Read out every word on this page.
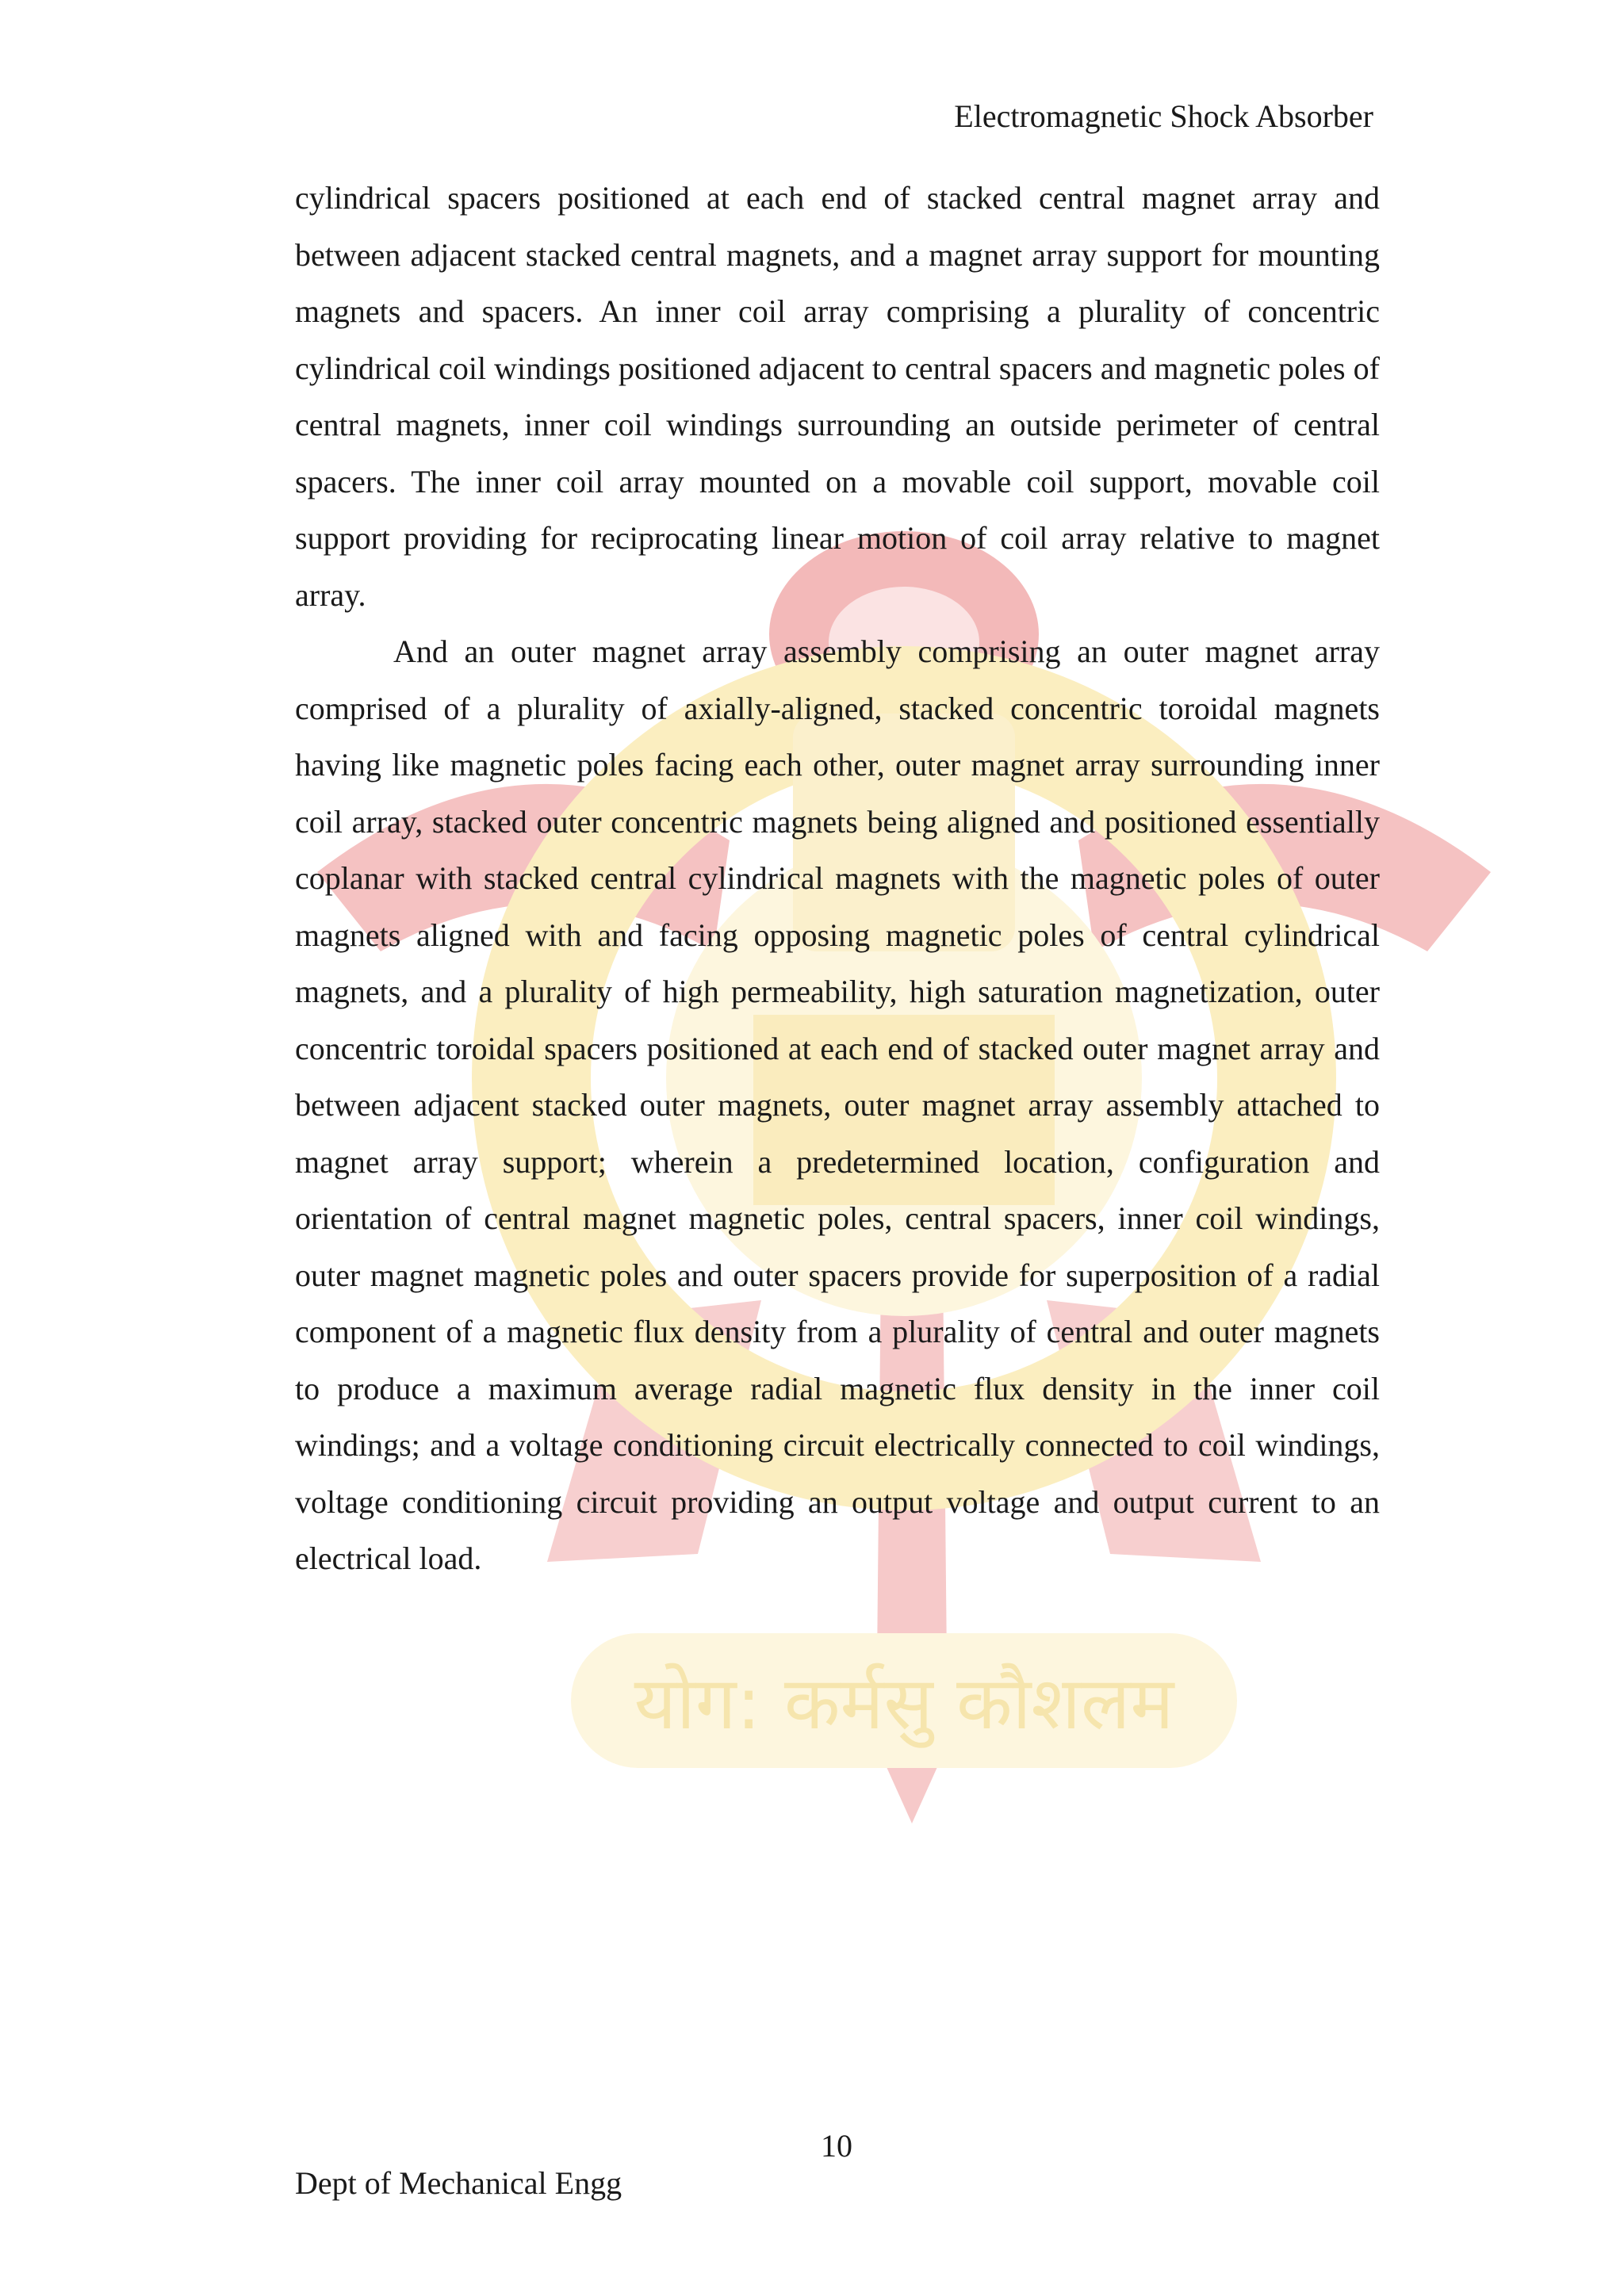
योग: कर्मसु कौशलम
Electromagnetic Shock Absorber

cylindrical spacers positioned at each end of stacked central magnet array and between adjacent stacked central magnets, and a magnet array support for mounting magnets and spacers. An inner coil array comprising a plurality of concentric cylindrical coil windings positioned adjacent to central spacers and magnetic poles of central magnets, inner coil windings surrounding an outside perimeter of central spacers. The inner coil array mounted on a movable coil support, movable coil support providing for reciprocating linear motion of coil array relative to magnet array.

And an outer magnet array assembly comprising an outer magnet array comprised of a plurality of axially-aligned, stacked concentric toroidal magnets having like magnetic poles facing each other, outer magnet array surrounding inner coil array, stacked outer concentric magnets being aligned and positioned essentially coplanar with stacked central cylindrical magnets with the magnetic poles of outer magnets aligned with and facing opposing magnetic poles of central cylindrical magnets, and a plurality of high permeability, high saturation magnetization, outer concentric toroidal spacers positioned at each end of stacked outer magnet array and between adjacent stacked outer magnets, outer magnet array assembly attached to magnet array support; wherein a predetermined location, configuration and orientation of central magnet magnetic poles, central spacers, inner coil windings, outer magnet magnetic poles and outer spacers provide for superposition of a radial component of a magnetic flux density from a plurality of central and outer magnets to produce a maximum average radial magnetic flux density in the inner coil windings; and a voltage conditioning circuit electrically connected to coil windings, voltage conditioning circuit providing an output voltage and output current to an electrical load.

10
Dept of Mechanical Engg
